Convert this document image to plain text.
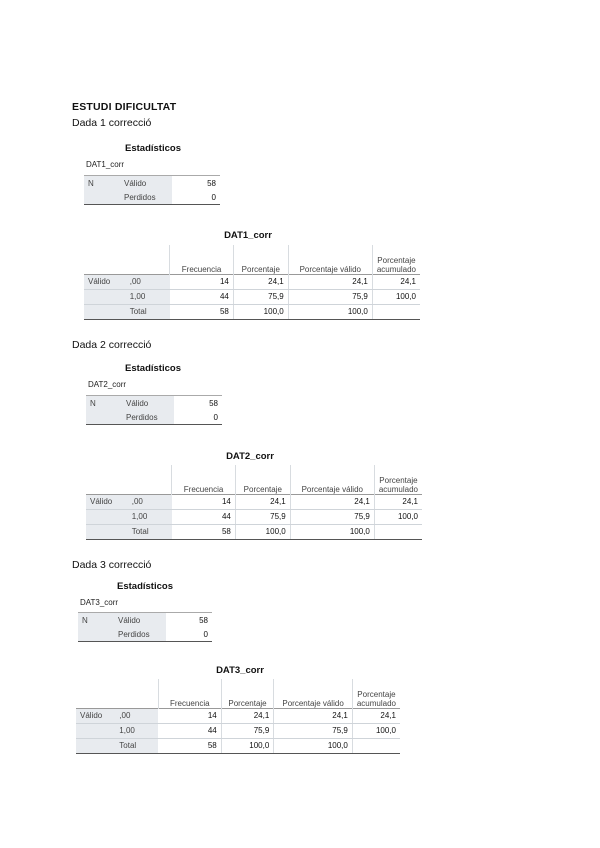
ESTUDI DIFICULTAT
Dada 1 correcció
Estadísticos
DAT1_corr
N	Válido	58
	Perdidos	0
DAT1_corr
		Frecuencia	Porcentaje	Porcentaje válido	Porcentaje acumulado
Válido	,00	14	24,1	24,1	24,1
	1,00	44	75,9	75,9	100,0
	Total	58	100,0	100,0	
Dada 2 correcció
Estadísticos
DAT2_corr
N	Válido	58
	Perdidos	0
DAT2_corr
		Frecuencia	Porcentaje	Porcentaje válido	Porcentaje acumulado
Válido	,00	14	24,1	24,1	24,1
	1,00	44	75,9	75,9	100,0
	Total	58	100,0	100,0	
Dada 3 correcció
Estadísticos
DAT3_corr
N	Válido	58
	Perdidos	0
DAT3_corr
		Frecuencia	Porcentaje	Porcentaje válido	Porcentaje acumulado
Válido	,00	14	24,1	24,1	24,1
	1,00	44	75,9	75,9	100,0
	Total	58	100,0	100,0	
